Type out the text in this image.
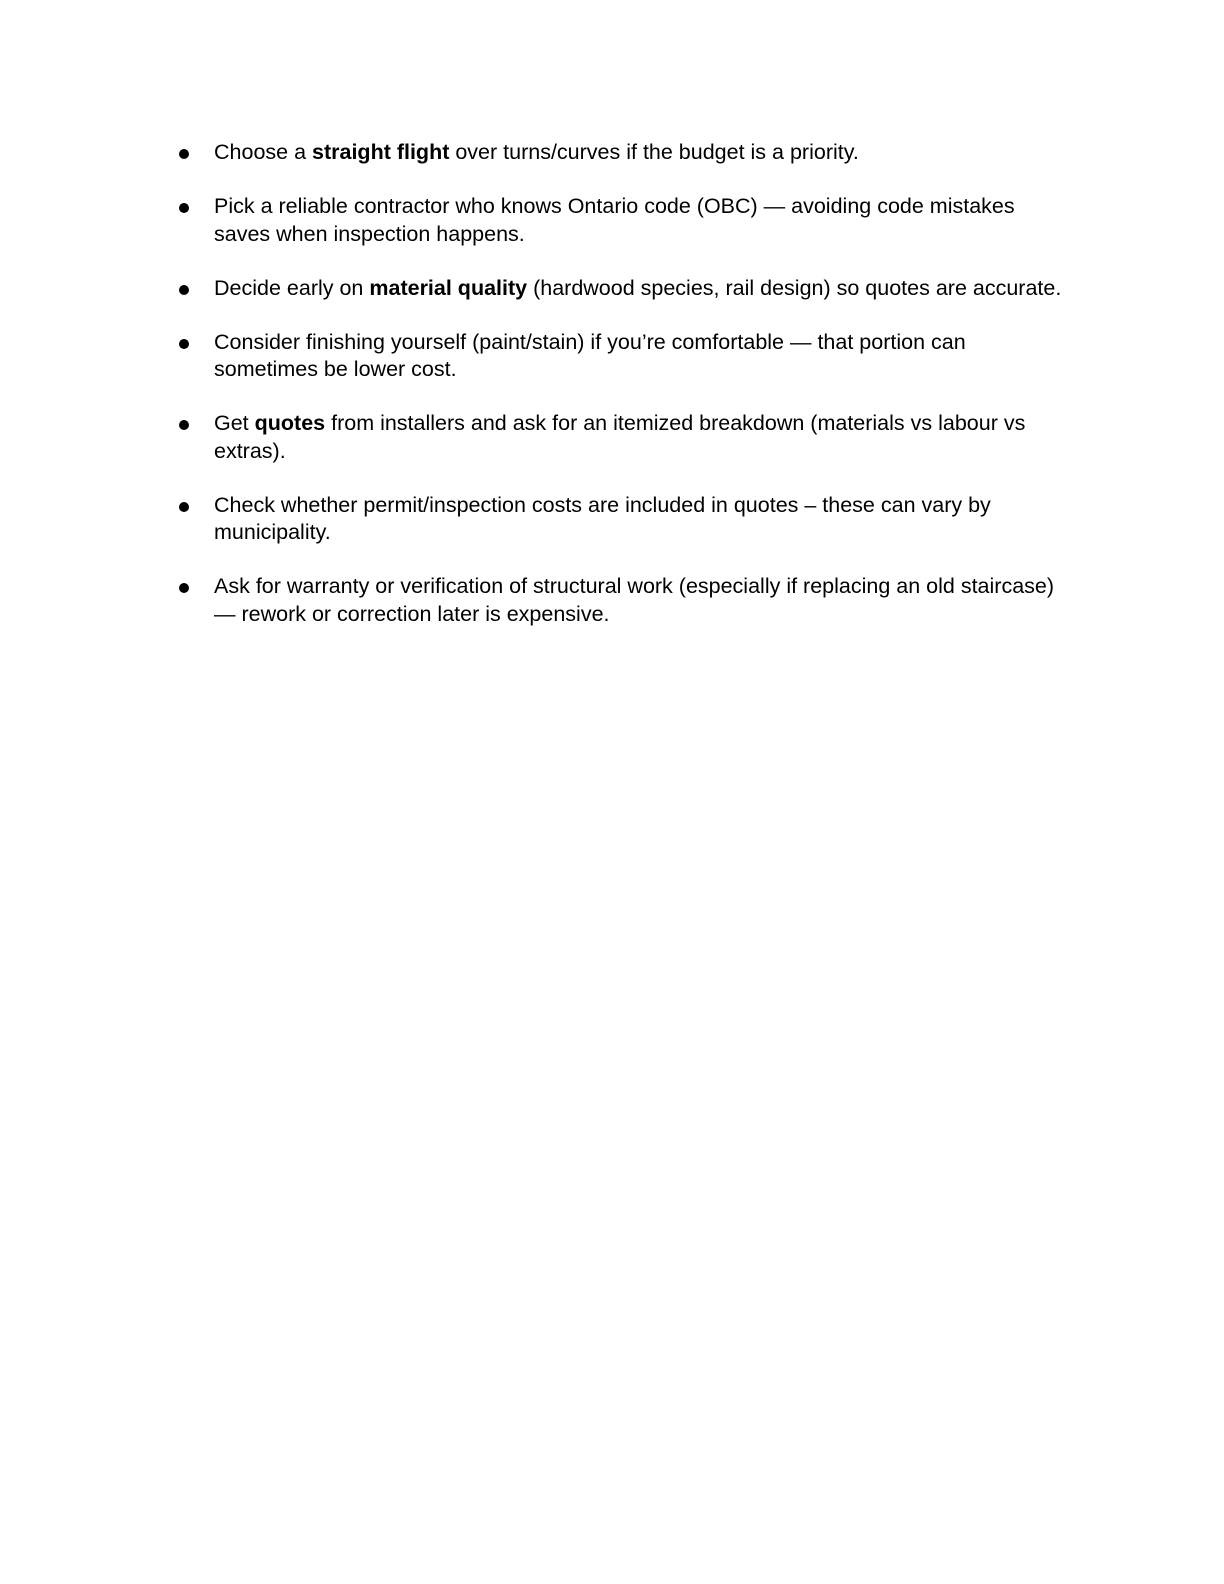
Choose a straight flight over turns/curves if the budget is a priority.
Pick a reliable contractor who knows Ontario code (OBC) — avoiding code mistakes saves when inspection happens.
Decide early on material quality (hardwood species, rail design) so quotes are accurate.
Consider finishing yourself (paint/stain) if you’re comfortable — that portion can sometimes be lower cost.
Get quotes from installers and ask for an itemized breakdown (materials vs labour vs extras).
Check whether permit/inspection costs are included in quotes – these can vary by municipality.
Ask for warranty or verification of structural work (especially if replacing an old staircase) — rework or correction later is expensive.
